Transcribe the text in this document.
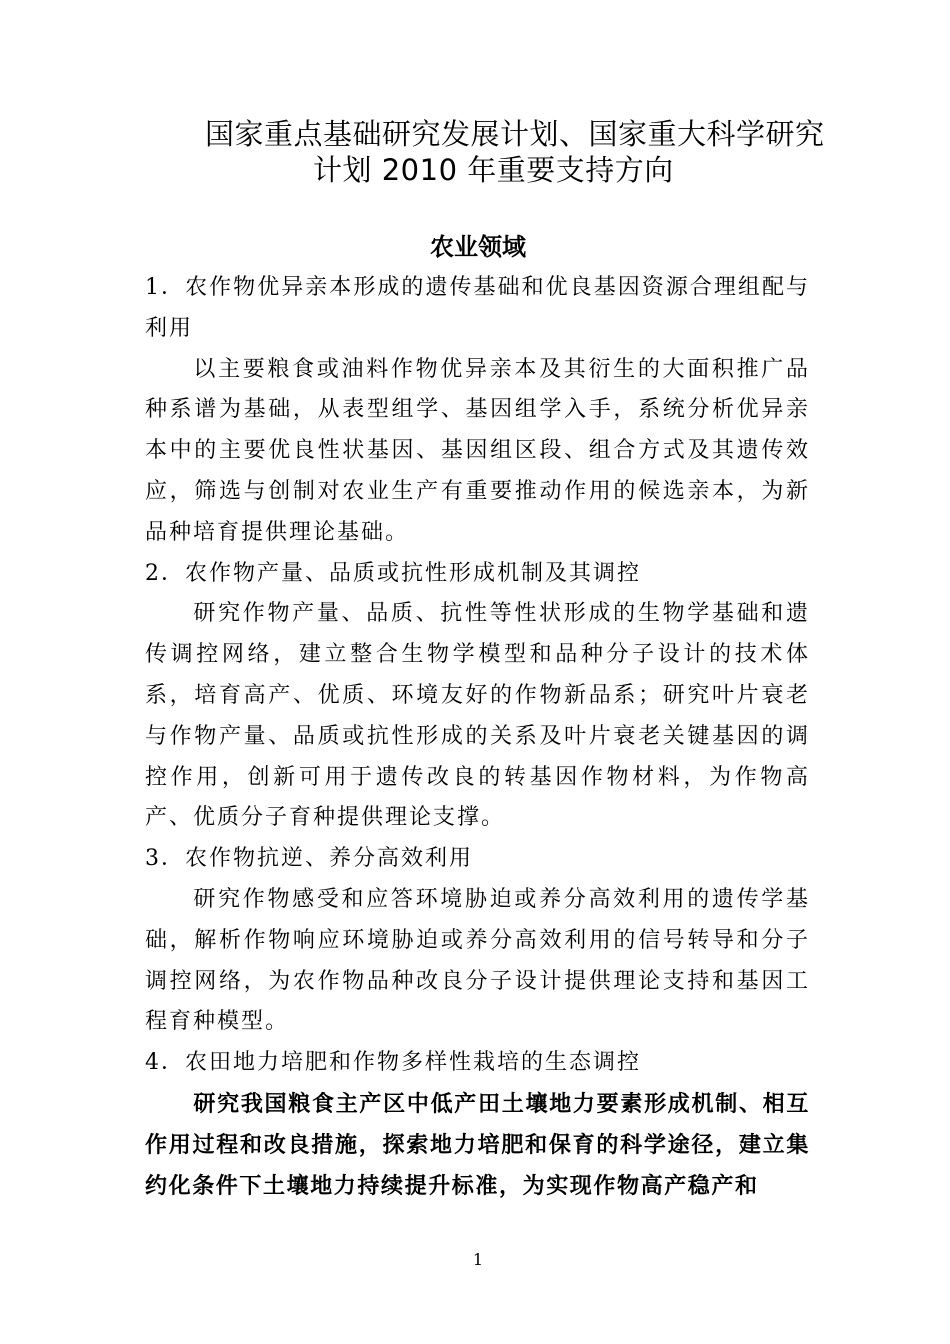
国家重点基础研究发展计划、国家重大科学研究
计划 2010 年重要支持方向
农业领域

1．农作物优异亲本形成的遗传基础和优良基因资源合理组配与利用

以主要粮食或油料作物优异亲本及其衍生的大面积推广品种系谱为基础，从表型组学、基因组学入手，系统分析优异亲本中的主要优良性状基因、基因组区段、组合方式及其遗传效应，筛选与创制对农业生产有重要推动作用的候选亲本，为新品种培育提供理论基础。

2．农作物产量、品质或抗性形成机制及其调控

研究作物产量、品质、抗性等性状形成的生物学基础和遗传调控网络，建立整合生物学模型和品种分子设计的技术体系，培育高产、优质、环境友好的作物新品系；研究叶片衰老与作物产量、品质或抗性形成的关系及叶片衰老关键基因的调控作用，创新可用于遗传改良的转基因作物材料，为作物高产、优质分子育种提供理论支撑。

3．农作物抗逆、养分高效利用

研究作物感受和应答环境胁迫或养分高效利用的遗传学基础，解析作物响应环境胁迫或养分高效利用的信号转导和分子调控网络，为农作物品种改良分子设计提供理论支持和基因工程育种模型。

4．农田地力培肥和作物多样性栽培的生态调控

研究我国粮食主产区中低产田土壤地力要素形成机制、相互作用过程和改良措施，探索地力培肥和保育的科学途径，建立集约化条件下土壤地力持续提升标准，为实现作物高产稳产和

1
